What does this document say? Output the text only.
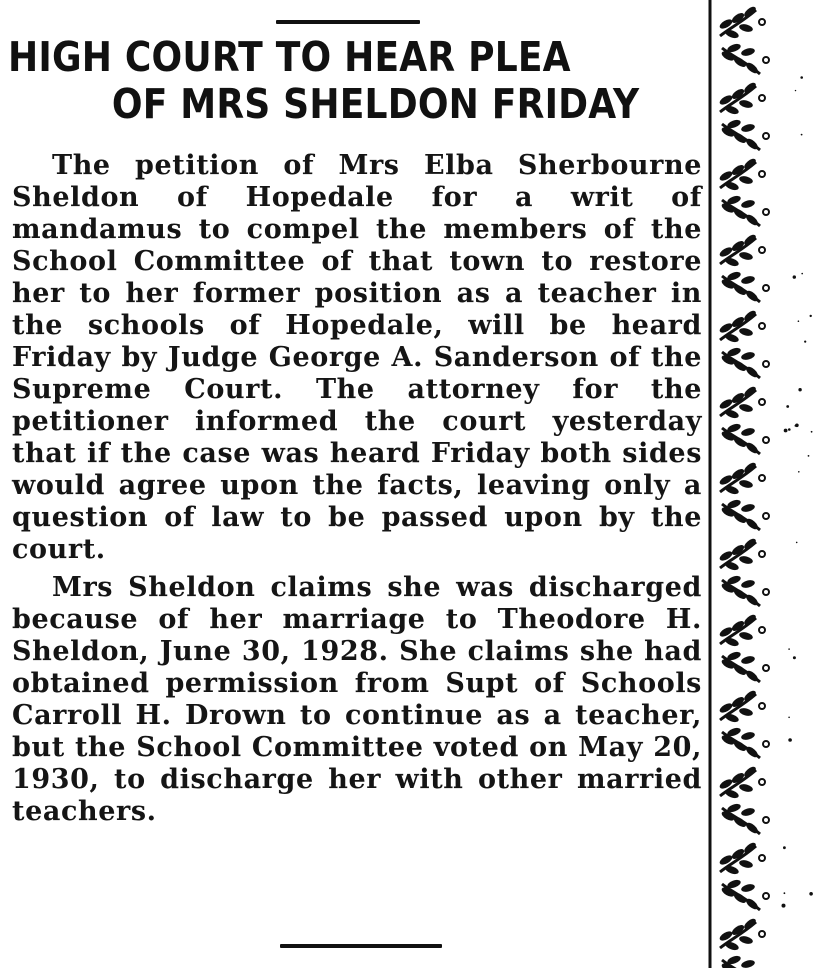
HIGH COURT TO HEAR PLEA
OF MRS SHELDON FRIDAY

The petition of Mrs Elba Sherbourne Sheldon of Hopedale for a writ of mandamus to compel the members of the School Committee of that town to restore her to her former position as a teacher in the schools of Hopedale, will be heard Friday by Judge George A. Sanderson of the Supreme Court. The attorney for the petitioner informed the court yesterday that if the case was heard Friday both sides would agree upon the facts, leaving only a question of law to be passed upon by the court.

Mrs Sheldon claims she was discharged because of her marriage to Theodore H. Sheldon, June 30, 1928. She claims she had obtained permission from Supt of Schools Carroll H. Drown to continue as a teacher, but the School Committee voted on May 20, 1930, to discharge her with other married teachers.
